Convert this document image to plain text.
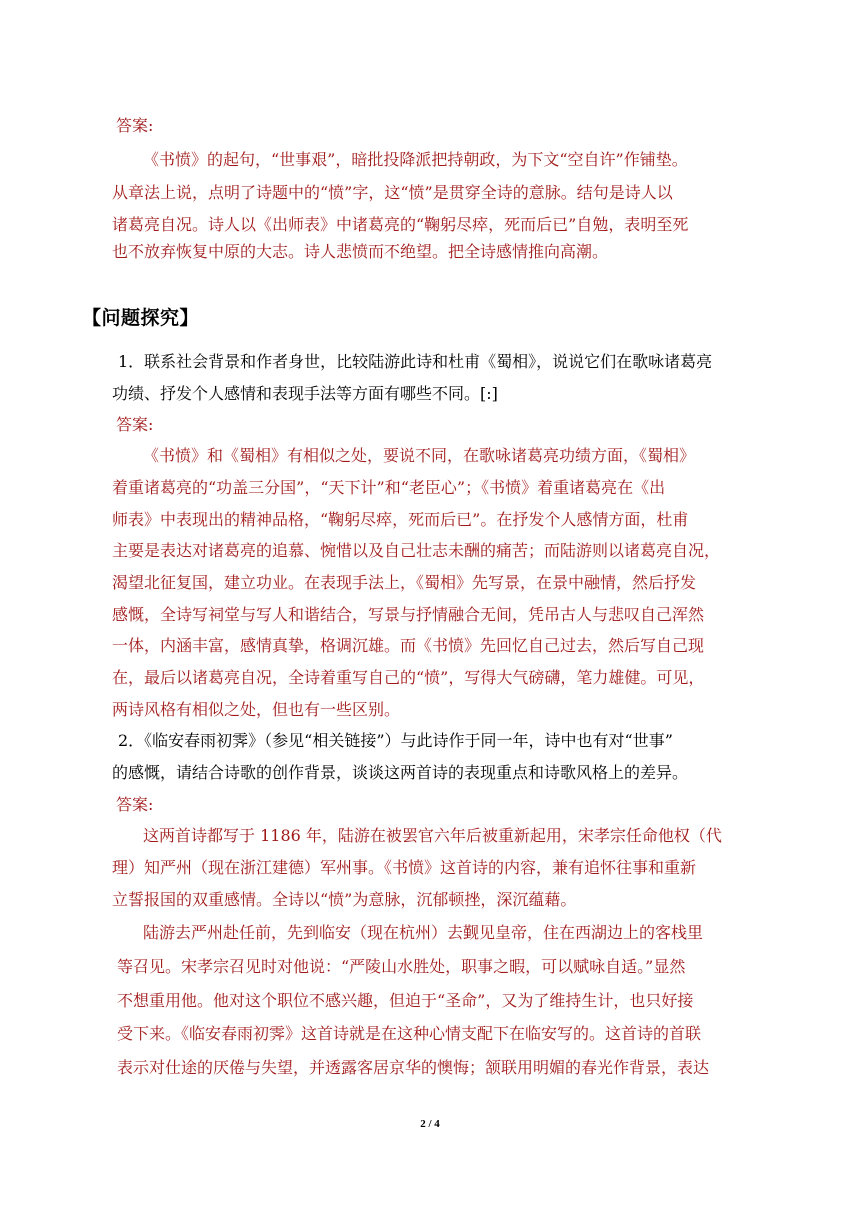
答案:
《书愤》的起句，“世事艰”，暗批投降派把持朝政，为下文“空自许”作铺垫。
从章法上说，点明了诗题中的“愤”字，这“愤”是贯穿全诗的意脉。结句是诗人以
诸葛亮自况。诗人以《出师表》中诸葛亮的“鞠躬尽瘁，死而后已”自勉，表明至死
也不放弃恢复中原的大志。诗人悲愤而不绝望。把全诗感情推向高潮。
【问题探究】
1．联系社会背景和作者身世，比较陆游此诗和杜甫《蜀相》，说说它们在歌咏诸葛亮
功绩、抒发个人感情和表现手法等方面有哪些不同。[:]
答案:
《书愤》和《蜀相》有相似之处，要说不同，在歌咏诸葛亮功绩方面，《蜀相》
着重诸葛亮的“功盖三分国”，“天下计”和“老臣心”；《书愤》着重诸葛亮在《出
师表》中表现出的精神品格，“鞠躬尽瘁，死而后已”。在抒发个人感情方面，杜甫
主要是表达对诸葛亮的追慕、惋惜以及自己壮志未酬的痛苦；而陆游则以诸葛亮自况，
渴望北征复国，建立功业。在表现手法上，《蜀相》先写景，在景中融情，然后抒发
感慨，全诗写祠堂与写人和谐结合，写景与抒情融合无间，凭吊古人与悲叹自己浑然
一体，内涵丰富，感情真挚，格调沉雄。而《书愤》先回忆自己过去，然后写自己现
在，最后以诸葛亮自况，全诗着重写自己的“愤”，写得大气磅礴，笔力雄健。可见，
两诗风格有相似之处，但也有一些区别。
2．《临安春雨初霁》（参见“相关链接”）与此诗作于同一年，诗中也有对“世事”
的感慨，请结合诗歌的创作背景，谈谈这两首诗的表现重点和诗歌风格上的差异。
答案:
这两首诗都写于 1186 年，陆游在被罢官六年后被重新起用，宋孝宗任命他权（代
理）知严州（现在浙江建德）军州事。《书愤》这首诗的内容，兼有追怀往事和重新
立誓报国的双重感情。全诗以“愤”为意脉，沉郁顿挫，深沉蕴藉。
陆游去严州赴任前，先到临安（现在杭州）去觐见皇帝，住在西湖边上的客栈里
等召见。宋孝宗召见时对他说：“严陵山水胜处，职事之暇，可以赋咏自适。”显然
不想重用他。他对这个职位不感兴趣，但迫于“圣命”，又为了维持生计，也只好接
受下来。《临安春雨初霁》这首诗就是在这种心情支配下在临安写的。这首诗的首联
表示对仕途的厌倦与失望，并透露客居京华的懊悔；颔联用明媚的春光作背景，表达
2 / 4
